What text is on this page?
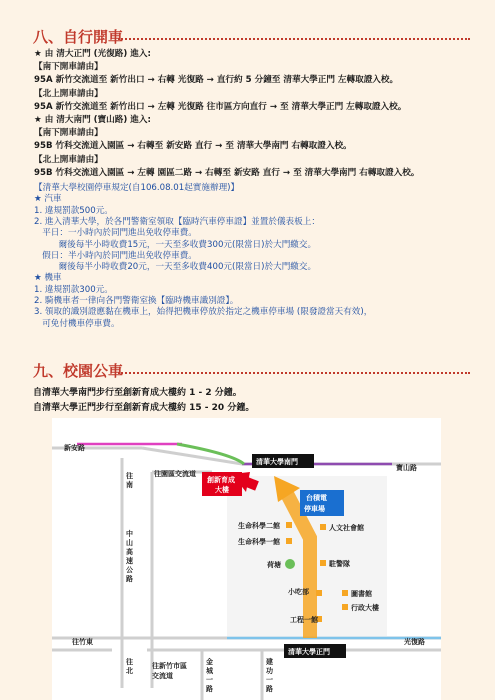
八、自行開車
★ 由 清大正門 (光復路) 進入:
【南下開車請由】
95A 新竹交流道至 新竹出口 → 右轉 光復路 → 直行約 5 分鐘至 清華大學正門 左轉取證入校。
【北上開車請由】
95A 新竹交流道至 新竹出口 → 左轉 光復路 往市區方向直行 → 至 清華大學正門 左轉取證入校。
★ 由 清大南門 (寶山路) 進入:
【南下開車請由】
95B 竹科交流道入園區 → 右轉至 新安路 直行 → 至 清華大學南門 右轉取證入校。
【北上開車請由】
95B 竹科交流道入園區 → 左轉 園區二路 → 右轉至 新安路 直行 → 至 清華大學南門 右轉取證入校。
【清華大學校園停車規定(自106.08.01起實施辦理)】
★ 汽車
1. 違規罰款500元。
2. 進入清華大學，於各門警衛室領取【臨時汽車停車證】並置於儀表板上：
平日：一小時內於同門進出免收停車費。
爾後每半小時收費15元，一天至多收費300元(限當日)於大門繳交。
假日：半小時內於同門進出免收停車費。
爾後每半小時收費20元，一天至多收費400元(限當日)於大門繳交。
★ 機車
1. 違規罰款300元。
2. 騎機車者一律向各門警衛室換【臨時機車識別證】。
3. 領取的識別證應黏在機車上，始得把機車停放於指定之機車停車場 (限發證當天有效)，
可免付機車停車費。
九、校園公車
自清華大學南門步行至創新育成大樓約 1 - 2 分鐘。
自清華大學正門步行至創新育成大樓約 15 - 20 分鐘。
清華大學南門
創新育成
大樓
台積電
停車場
生命科學二館
生命科學一館
人文社會館
荷塘	駐警隊
小吃部	圖書館
行政大樓
工程一館
清華大學正門
新安路
寶山路
光復路
往竹東
往園區交流道
往新竹市區
交流道
往
南
中
山
高
速
公
路
往
北
金
城
一
路
建
功
一
路
